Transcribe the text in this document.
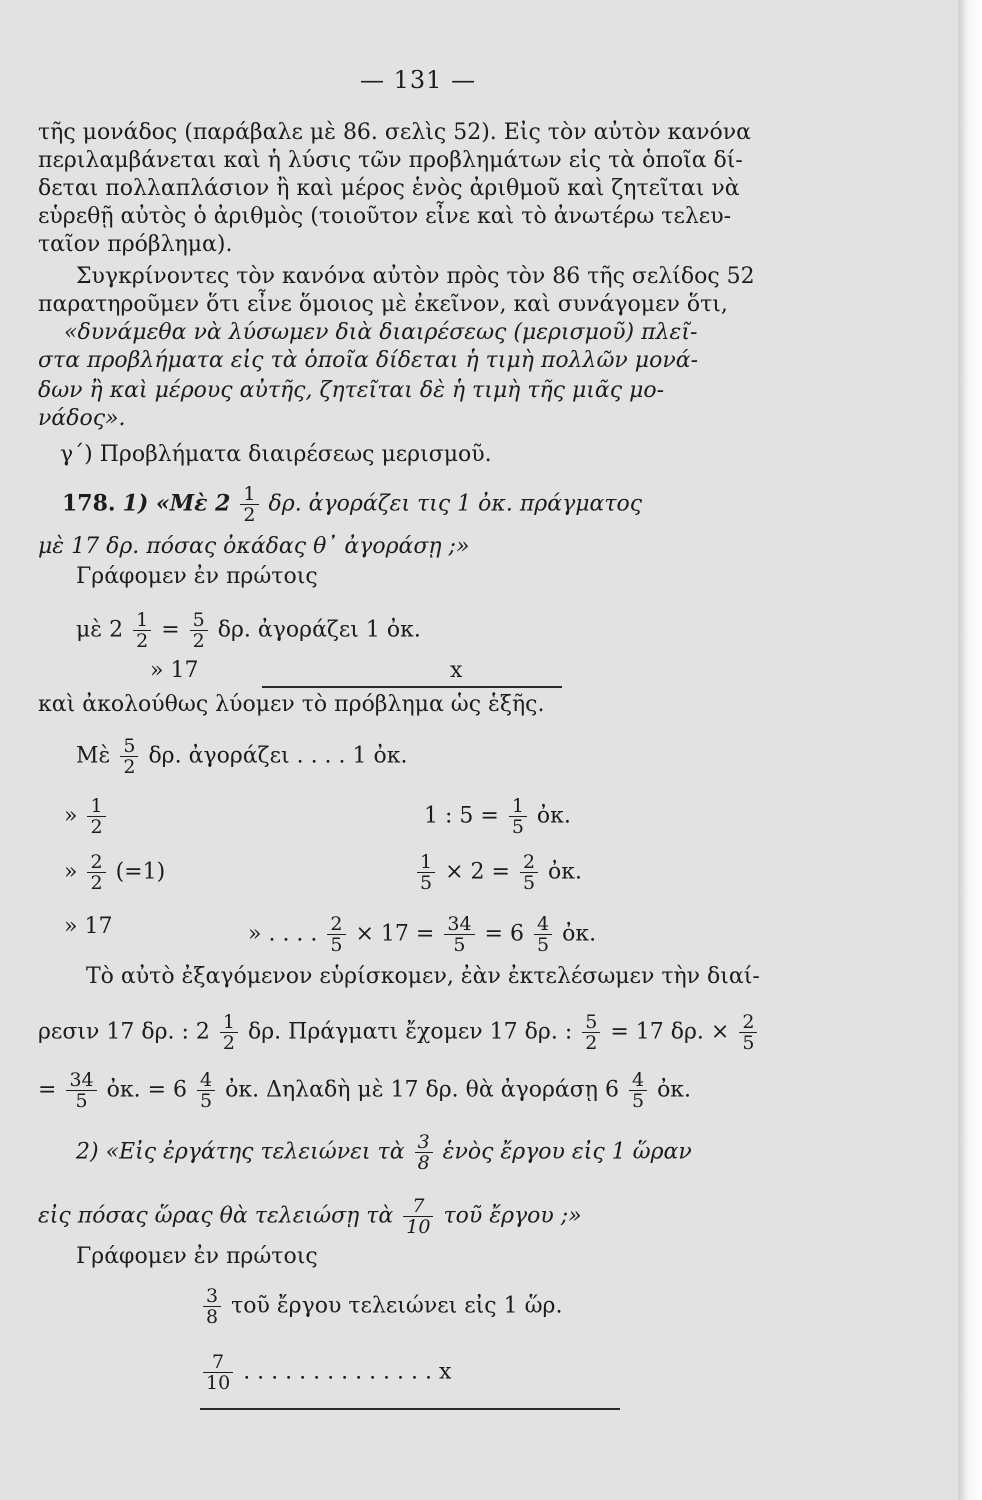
— 131 —
τῆς μονάδος (παράβαλε μὲ 86. σελὶς 52). Εἰς τὸν αὐτὸν κανόνα
περιλαμβάνεται καὶ ἡ λύσις τῶν προβλημάτων εἰς τὰ ὁποῖα δί-
δεται πολλαπλάσιον ἢ καὶ μέρος ἑνὸς ἀριθμοῦ καὶ ζητεῖται νὰ
εὑρεθῇ αὐτὸς ὁ ἀριθμὸς (τοιοῦτον εἶνε καὶ τὸ ἀνωτέρω τελευ-
ταῖον πρόβλημα).
Συγκρίνοντες τὸν κανόνα αὐτὸν πρὸς τὸν 86 τῆς σελίδος 52
παρατηροῦμεν ὅτι εἶνε ὅμοιος μὲ ἐκεῖνον, καὶ συνάγομεν ὅτι,
«δυνάμεθα νὰ λύσωμεν διὰ διαιρέσεως (μερισμοῦ) πλεῖ-
στα προβλήματα εἰς τὰ ὁποῖα δίδεται ἡ τιμὴ πολλῶν μονά-
δων ἢ καὶ μέρους αὐτῆς, ζητεῖται δὲ ἡ τιμὴ τῆς μιᾶς μο-
νάδος».
γ΄) Προβλήματα διαιρέσεως μερισμοῦ.
178. 1) «Μὲ $2 \frac{1}{2} \delta\rho$. ἀγοράζει τις 1 ὀκ. πράγματος
μὲ 17 δρ. πόσας ὀκάδας θ᾽ ἀγοράσῃ ;»
Γράφομεν ἐν πρώτοις
μὲ $2 \frac{1}{2} = \frac{5}{2} \delta\rho$. ἀγοράζει 1 ὀκ.
» 17	x
καὶ ἀκολούθως λύομεν τὸ πρόβλημα ὡς ἑξῆς.
Μὲ $\frac{5}{2} \delta\rho$. ἀγοράζει . . . . 1 ὀκ.
» $\frac{1}{2}$	1 : $5 = \frac{1}{5}$ ὀκ.
» $\frac{2}{2} (=1)$	$\frac{1}{5} \times 2 = \frac{2}{5}$ ὀκ.
» 17	» . . . . $\frac{2}{5} \times 17 = \frac{34}{5} = 6 \frac{4}{5}$ ὀκ.
Τὸ αὐτὸ ἐξαγόμενον εὑρίσκομεν, ἐὰν ἐκτελέσωμεν τὴν διαί-
ρεσιν 17 δρ. : $2 \frac{1}{2} \delta\rho$. Πράγματι ἔχομεν 17 δρ. : $\frac{5}{2} = 17$ δρ. × $\frac{2}{5}$
= $\frac{34}{5}$ ὀκ. = $6 \frac{4}{5}$ ὀκ. Δηλαδὴ μὲ 17 δρ. θὰ ἀγοράσῃ $6 \frac{4}{5}$ ὀκ.
2) «Εἰς ἐργάτης τελειώνει τὰ $\frac{3}{8}$ ἑνὸς ἔργου εἰς 1 ὥραν
εἰς πόσας ὥρας θὰ τελειώσῃ τὰ $\frac{7}{10}$ τοῦ ἔργου ;»
Γράφομεν ἐν πρώτοις
$\frac{3}{8}$ τοῦ ἔργου τελειώνει εἰς 1 ὥρ.
$\frac{7}{10}$ . . . . . . . . . . . . . . x
